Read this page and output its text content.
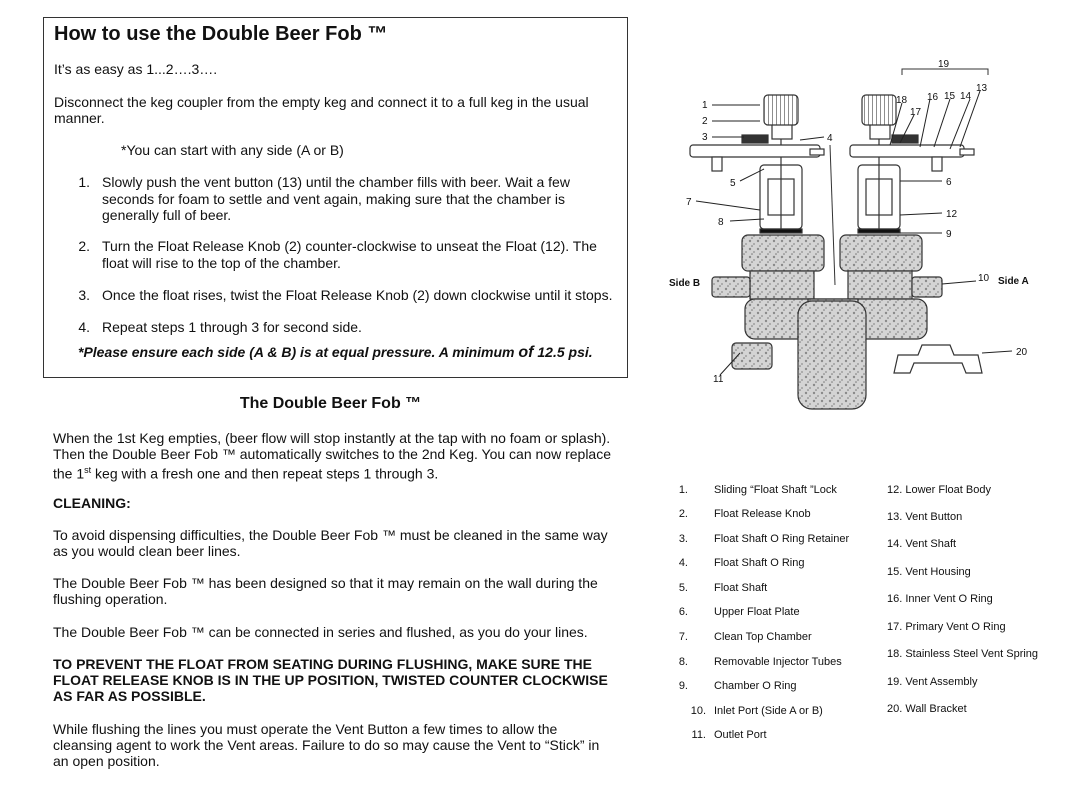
How to use the Double Beer Fob ™
It’s as easy as 1...2….3….
Disconnect the keg coupler from the empty keg and connect it to a full keg in the usual manner.
*You can start with any side (A or B)
1. Slowly push the vent button (13) until the chamber fills with beer. Wait a few seconds for foam to settle and vent again, making sure that the chamber is generally full of beer.
2. Turn the Float Release Knob (2) counter-clockwise to unseat the Float (12). The float will rise to the top of the chamber.
3. Once the float rises, twist the Float Release Knob (2) down clockwise until it stops.
4. Repeat steps 1 through 3 for second side.
*Please ensure each side (A & B) is at equal pressure. A minimum of 12.5 psi.
The Double Beer Fob ™
When the 1st Keg empties, (beer flow will stop instantly at the tap with no foam or splash). Then the Double Beer Fob ™ automatically switches to the 2nd Keg. You can now replace the 1st keg with a fresh one and then repeat steps 1 through 3.
CLEANING:
To avoid dispensing difficulties, the Double Beer Fob ™ must be cleaned in the same way as you would clean beer lines.
The Double Beer Fob ™ has been designed so that it may remain on the wall during the flushing operation.
The Double Beer Fob ™ can be connected in series and flushed, as you do your lines.
TO PREVENT THE FLOAT FROM SEATING DURING FLUSHING, MAKE SURE THE FLOAT RELEASE KNOB IS IN THE UP POSITION, TWISTED COUNTER CLOCKWISE AS FAR AS POSSIBLE.
While flushing the lines you must operate the Vent Button a few times to allow the cleansing agent to work the Vent areas. Failure to do so may cause the Vent to “Stick” in an open position.
1
2
3	4
5	6
7
8
9
10
11
12
13
14
15
16
17
18
19
20
Side B	Side A
1. Sliding “Float Shaft ”Lock
2. Float Release Knob
3. Float Shaft O Ring Retainer
4. Float Shaft O Ring
5. Float Shaft
6. Upper Float Plate
7. Clean Top Chamber
8. Removable Injector Tubes
9. Chamber O Ring
10. Inlet Port (Side A or B)
11. Outlet Port
12. Lower Float Body
13. Vent Button
14. Vent Shaft
15. Vent Housing
16. Inner Vent O Ring
17. Primary Vent O Ring
18. Stainless Steel Vent Spring
19. Vent Assembly
20. Wall Bracket
